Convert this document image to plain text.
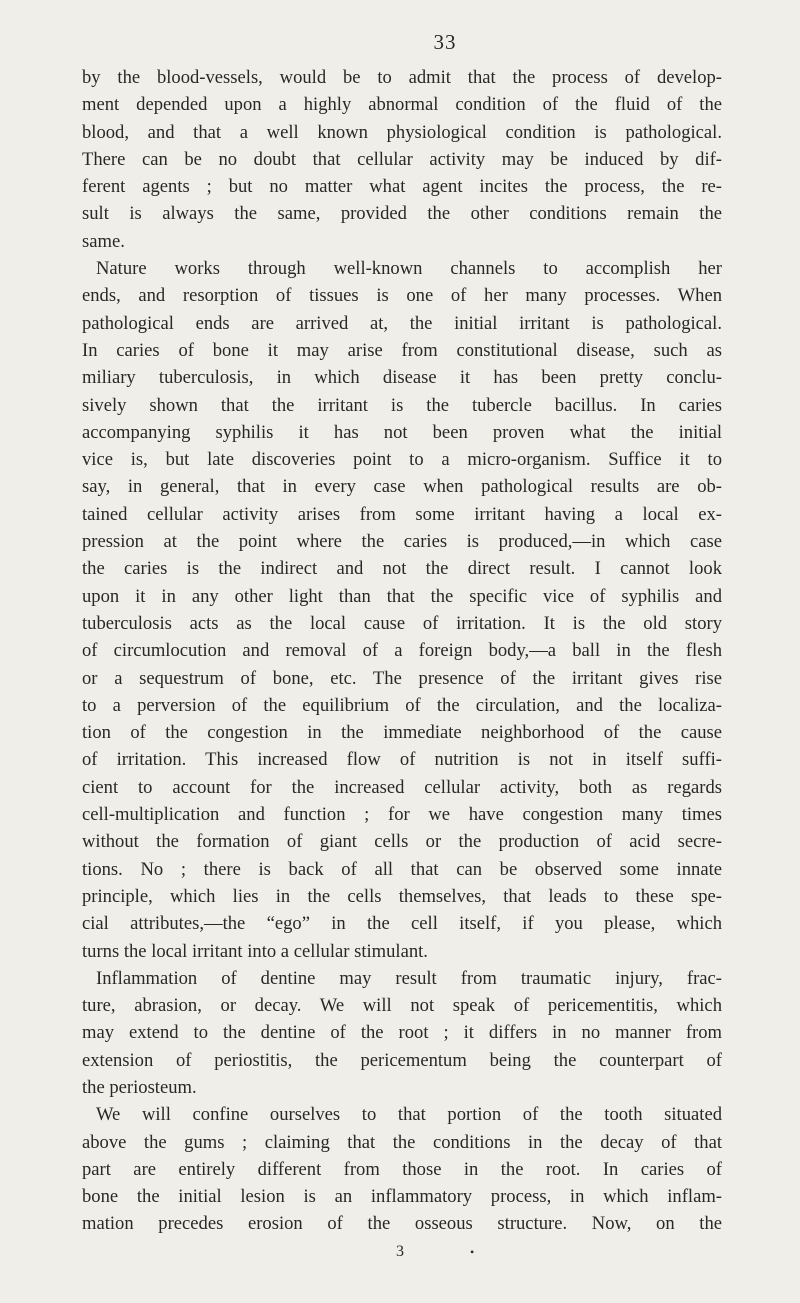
33
by the blood-vessels, would be to admit that the process of develop-
ment depended upon a highly abnormal condition of the fluid of the
blood, and that a well known physiological condition is pathological.
There can be no doubt that cellular activity may be induced by dif-
ferent agents ; but no matter what agent incites the process, the re-
sult is always the same, provided the other conditions remain the
same.
Nature works through well-known channels to accomplish her
ends, and resorption of tissues is one of her many processes. When
pathological ends are arrived at, the initial irritant is pathological.
In caries of bone it may arise from constitutional disease, such as
miliary tuberculosis, in which disease it has been pretty conclu-
sively shown that the irritant is the tubercle bacillus. In caries
accompanying syphilis it has not been proven what the initial
vice is, but late discoveries point to a micro-organism. Suffice it to
say, in general, that in every case when pathological results are ob-
tained cellular activity arises from some irritant having a local ex-
pression at the point where the caries is produced,—in which case
the caries is the indirect and not the direct result. I cannot look
upon it in any other light than that the specific vice of syphilis and
tuberculosis acts as the local cause of irritation. It is the old story
of circumlocution and removal of a foreign body,—a ball in the flesh
or a sequestrum of bone, etc. The presence of the irritant gives rise
to a perversion of the equilibrium of the circulation, and the localiza-
tion of the congestion in the immediate neighborhood of the cause
of irritation. This increased flow of nutrition is not in itself suffi-
cient to account for the increased cellular activity, both as regards
cell-multiplication and function ; for we have congestion many times
without the formation of giant cells or the production of acid secre-
tions. No ; there is back of all that can be observed some innate
principle, which lies in the cells themselves, that leads to these spe-
cial attributes,—the “ego” in the cell itself, if you please, which
turns the local irritant into a cellular stimulant.
Inflammation of dentine may result from traumatic injury, frac-
ture, abrasion, or decay. We will not speak of pericementitis, which
may extend to the dentine of the root ; it differs in no manner from
extension of periostitis, the pericementum being the counterpart of
the periosteum.
We will confine ourselves to that portion of the tooth situated
above the gums ; claiming that the conditions in the decay of that
part are entirely different from those in the root. In caries of
bone the initial lesion is an inflammatory process, in which inflam-
mation precedes erosion of the osseous structure. Now, on the
3	•
